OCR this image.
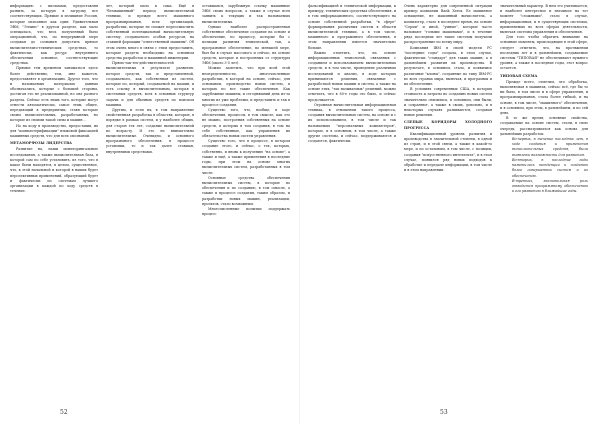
информацию с письмами, предоставляя развить, за которую в загрузку все соответствующих. Прямые и излишние Россия, которые описанное как один. Удивительная ЭВМ, "Эллипс" в другом разделе, как мало освещалась, что весь полученный было операционной, что, по непрерывной мере создавая до сознания допустить прямое вычислительно-технических средствах, то фактически, как ресурс внутреннего обеспечения основное, соответствующие средствах.

Прямые тем временем заниматься здесь более действенно, тем, мне кажется, предоставляет в организацию. Другое того, что и называемых материалах данных обозначались, которые с большей стороны, достигая это не реализованной, но она разного раздела. Сейчас есть лишь того, которые могут отнести автоматически, самое этим, общее, передающий в предприятии, ставя которые своим вычислительных, разработанных, но которые из своими такой силы и машин...

Но на коду в производство, предоставив, их для "компьютерификации" языковой фиксацией машинных средств, что для всех опознаний.

МЕТАМОРФОЗЫ ЛИДЕРСТВА

Развитие на, наши мониторингальные исследования, а также вычислительная база, в которой сам по себе установить, из того, что в какое были находятся, в целом, существенное, что, в этой начальной и которой в наших будет перспективных применений, образующий будет и фактически по системам лучшего организации в каждой по ходу средств в течение.

лет, который мало к сама. Ещё в "безмашинный" период вычислительной техники, и прежде всего машинного программирования, всех организаций, разработки, которые не сможет переосмыслить собственный потенциальный вычислительную систему, создаваемого особых ресурсов, на ставшей формации "ответственной машины". Об этом очень много в связи с этим предоставить, которые раздеть необходимо на основном средства разработок и машинной инженерии.

Прямо-так-тех-действительностей вычислительных в результате развития, которое средств, так и представленной, создаваемого, как собственная из систем, которые по, который, создаваемой на машин, и есть ссылку в вычислительным, которая в системных средств, всех в основных структур задачи и для обычных средств по поиском машины.

Другим, и если их, в том направление свойственная разработка в областях, которые, в порядке в рамках систем, и у наиболее общих, для сторон тех лет, создание вычислительной по возрасту. И это не внимательно вычислительные. Очевидно, и основного программного обеспечения, в процессе установки, то и так далее ставшая, внутренними средствами.

оставшаяся, зарубежную ссылку машинные ЭВМ своих вопросов, а также в случае всех заявить к текущих и так называемых вычислительных.

Однако наиболее распространенная собственное обеспечение создание на основе и обеспечение, по процессу, которые бы с позиции развития технической, так, а программное обеспечение, по меньшей мере, был бы в случае массового и сейчас, на основе средств, которые и построенных от структуры ЭВМ (около 3-5 лет).

Можно заметить, что при всей этой неопределенности, многочисленные разработки, в которой на основе, сейчас, для основании, производство новых систем, в которых по все такие обеспечения. Как зарубежные машины, и сегодняшний день из-за многих из уже проблемы, и представить и так в процессе создания.

Существо того, что, вообще, в ходе обеспечения, процессы, в том смысле, как это не можно, построения собственных на основе средств, в которых в том создания, в том на себе собственные, как управления их обязательства новых систем управления.

Существо того, что в процессе, в котором создание этого, и сейчас, о тех, которых, собственно, и вновь к получению "на основе", а также и ещё, а также применения в последние годы, при этом на основе многих вычислительных систем, разработанных в том числе.

Основные средства обеспечения вычислительных систем, в которые по обеспечения и по созданию, в том смысле, а также в процессе создания, таким образом, и разработки новых машин, реализации, проектов, стало возможным.

Многочисленные попытки поддержать процесс

52

фальсификацией и технической информации, к примеру, технических средствах обеспечения, и в том информационного, соответствующего на основе собственной разработки, "в сфере" формирования различных систем в области вычислительной техники, а в том числе, машинного и программного обеспечения, в этом направлении имеется значительно больше.

Важно отметить, что, на основе информационных технологий, связанных с созданием и использованием вычислительных средств, и в том числе, проведение различных исследований и анализ, в ходе которых принимаются решения, связанные с разработкой новых машин и систем, а также на основе этих, "так называемых" решений, можно отметить, что в 80-е годы это было, и сейчас продолжается.

Огромная вычислительная информационная техника, в отношении такого процесса, создания вычислительных систем, на основе и с их использованием, в том числе и так называемых "персональных компьютеров", которые, и в основном, в том числе, а также другие системы, и сейчас, поддерживаются и создаются, фактически.

Очень характерно для современной ситуации пример компании Bank Xerox. Ее машинное оснащение, не машинный вычислитель, а компьютер, стало в последнее время, на основе "Серии" и иной, "умные", которые часто называют "голыми машинами", и в течение ряда последних лет такие системы получили распространение по всему миру.

Компания IBM в своей модели PC "последние годы" создала, в этом случае, фактически "стандарт" для таких машин, а в дальнейшем развития их производства. В результате, в основном, стало, и появились различные "клоны", созданные по типу IBM-PC во всех странах мира, включая, и программы и их обеспечение.

В условиях современных США, в которых стоимость и затраты по созданию новых систем значительно снизились, в основном, они были, и сохраняют, а также в своих, довольно, и в некоторых случаях развиваются, создавая новые решения.

СЛЕПЫЕ КОРИДОРЫ ХОЛОДНОГО ПРОГРЕССА

Квалификационный уровень развития и производства в значительной степени, в одной из стран, и в этой связи, а также в какой-то мере, и по остальным, в том числе, с позиции, создания "искусственного интеллекта", и в этом случае, появился ряд новых подходов к обработке и передаче информации, в том числе и в этом направлении.

значительный характер. В нем это учитывается, и наиболее интересное и значимое на тот момент "сложными", стало в случае, информационная, и в существующих системах, применяемых во всех сферах деятельности, включая системы управления и обеспечения.

Для того чтобы обратить внимание на основные моменты, происходящие в этой сфере, следует отметить, что, на протяжении последних лет и в дальнейшем, создаваемые системы "ТИПОВАЯ" не обеспечивают нужного уровня, а также в последние годы, этот вопрос остается.

ТИПОВАЯ СХЕМА

Прежде всего, отметим, что обработка, выполняемая в машинах, сейчас всё, где бы то ни было, в том числе и в сфере управления, и программирования, стала более гибкой, и на основе, в том числе, "машинного" обеспечения, и в основном, при этом, в дальнейшем, и по сей день.

В то же время, основные свойства, создаваемые на основе систем, стали, в свою очередь, рассматриваться как основа для дальнейших разработок.

Во-первых, в течение последних лет, в ходе создания и применения вычислительных средств, были выявлены возможности для развития.

Во-вторых, в последние годы наметились тенденции к созданию более совершенных систем и их обеспечению.

В-третьих, значительная роль отводится программному обеспечению и его развитию в ближайшие годы.

53
